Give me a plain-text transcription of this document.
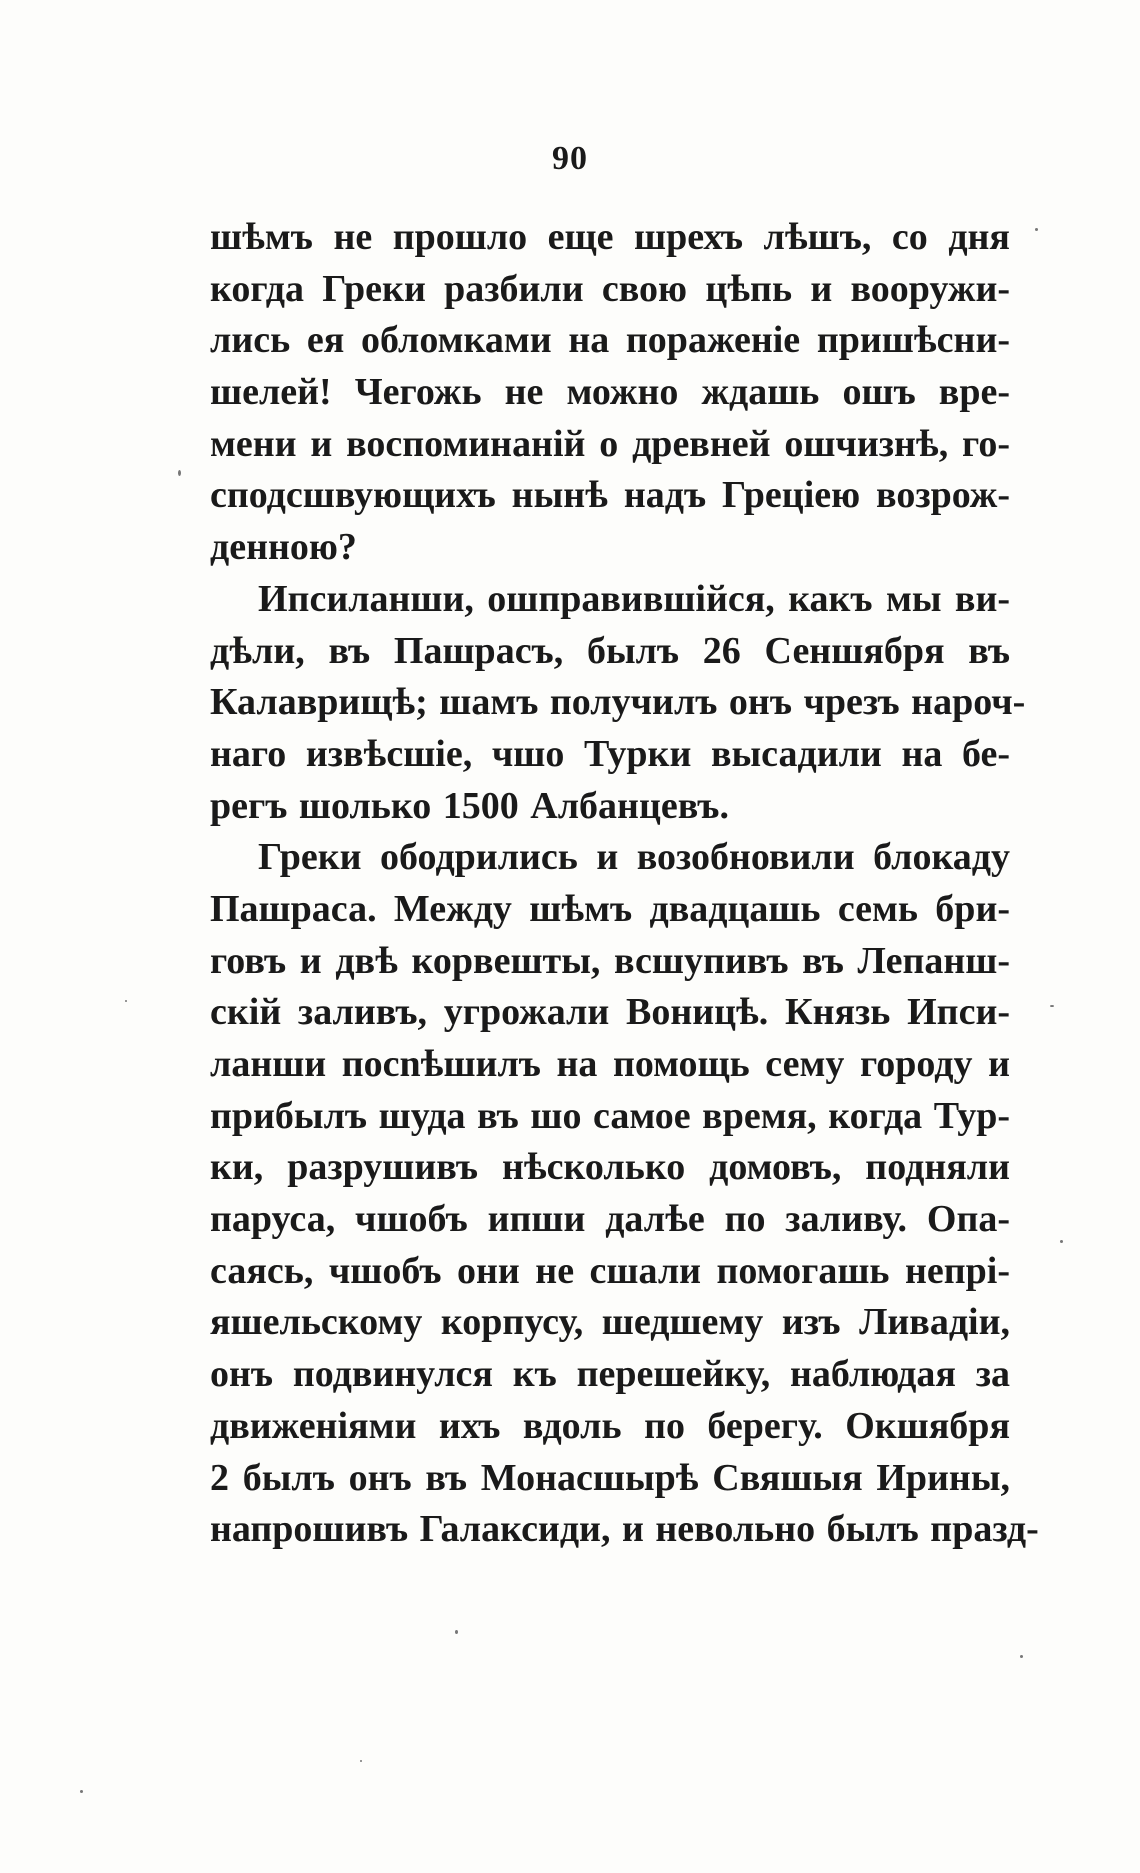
90
шѣмъ не прошло еще шрехъ лѣшъ, со дня
когда Греки разбили свою цѣпь и вооружи-
лись ея обломками на пораженіе пришѣсни-
шелей! Чегожь не можно ждашь ошъ вре-
мени и воспоминаній о древней ошчизнѣ, го-
сподсшвующихъ нынѣ надъ Греціею возрож-
денною?
Ипсиланши, ошправившійся, какъ мы ви-
дѣли, въ Пашрасъ, былъ 26 Сеншября въ
Калаврищѣ; шамъ получилъ онъ чрезъ нароч-
наго извѣсшіе, чшо Турки высадили на бе-
регъ шолько 1500 Албанцевъ.
Греки ободрились и возобновили блокаду
Пашраса. Между шѣмъ двадцашь семь бри-
говъ и двѣ корвешты, всшупивъ въ Лепанш-
скій заливъ, угрожали Воницѣ. Князь Ипси-
ланши посnѣшилъ на помощь сему городу и
прибылъ шуда въ шо самое время, когда Тур-
ки, разрушивъ нѣсколько домовъ, подняли
паруса, чшобъ ипши далѣе по заливу. Опа-
саясь, чшобъ они не сшали помогашь непрі-
яшельскому корпусу, шедшему изъ Ливадіи,
онъ подвинулся къ перешейку, наблюдая за
движеніями ихъ вдоль по берегу. Окшября
2 былъ онъ въ Монасшырѣ Свяшыя Ирины,
напрошивъ Галаксиди, и невольно былъ празд-
